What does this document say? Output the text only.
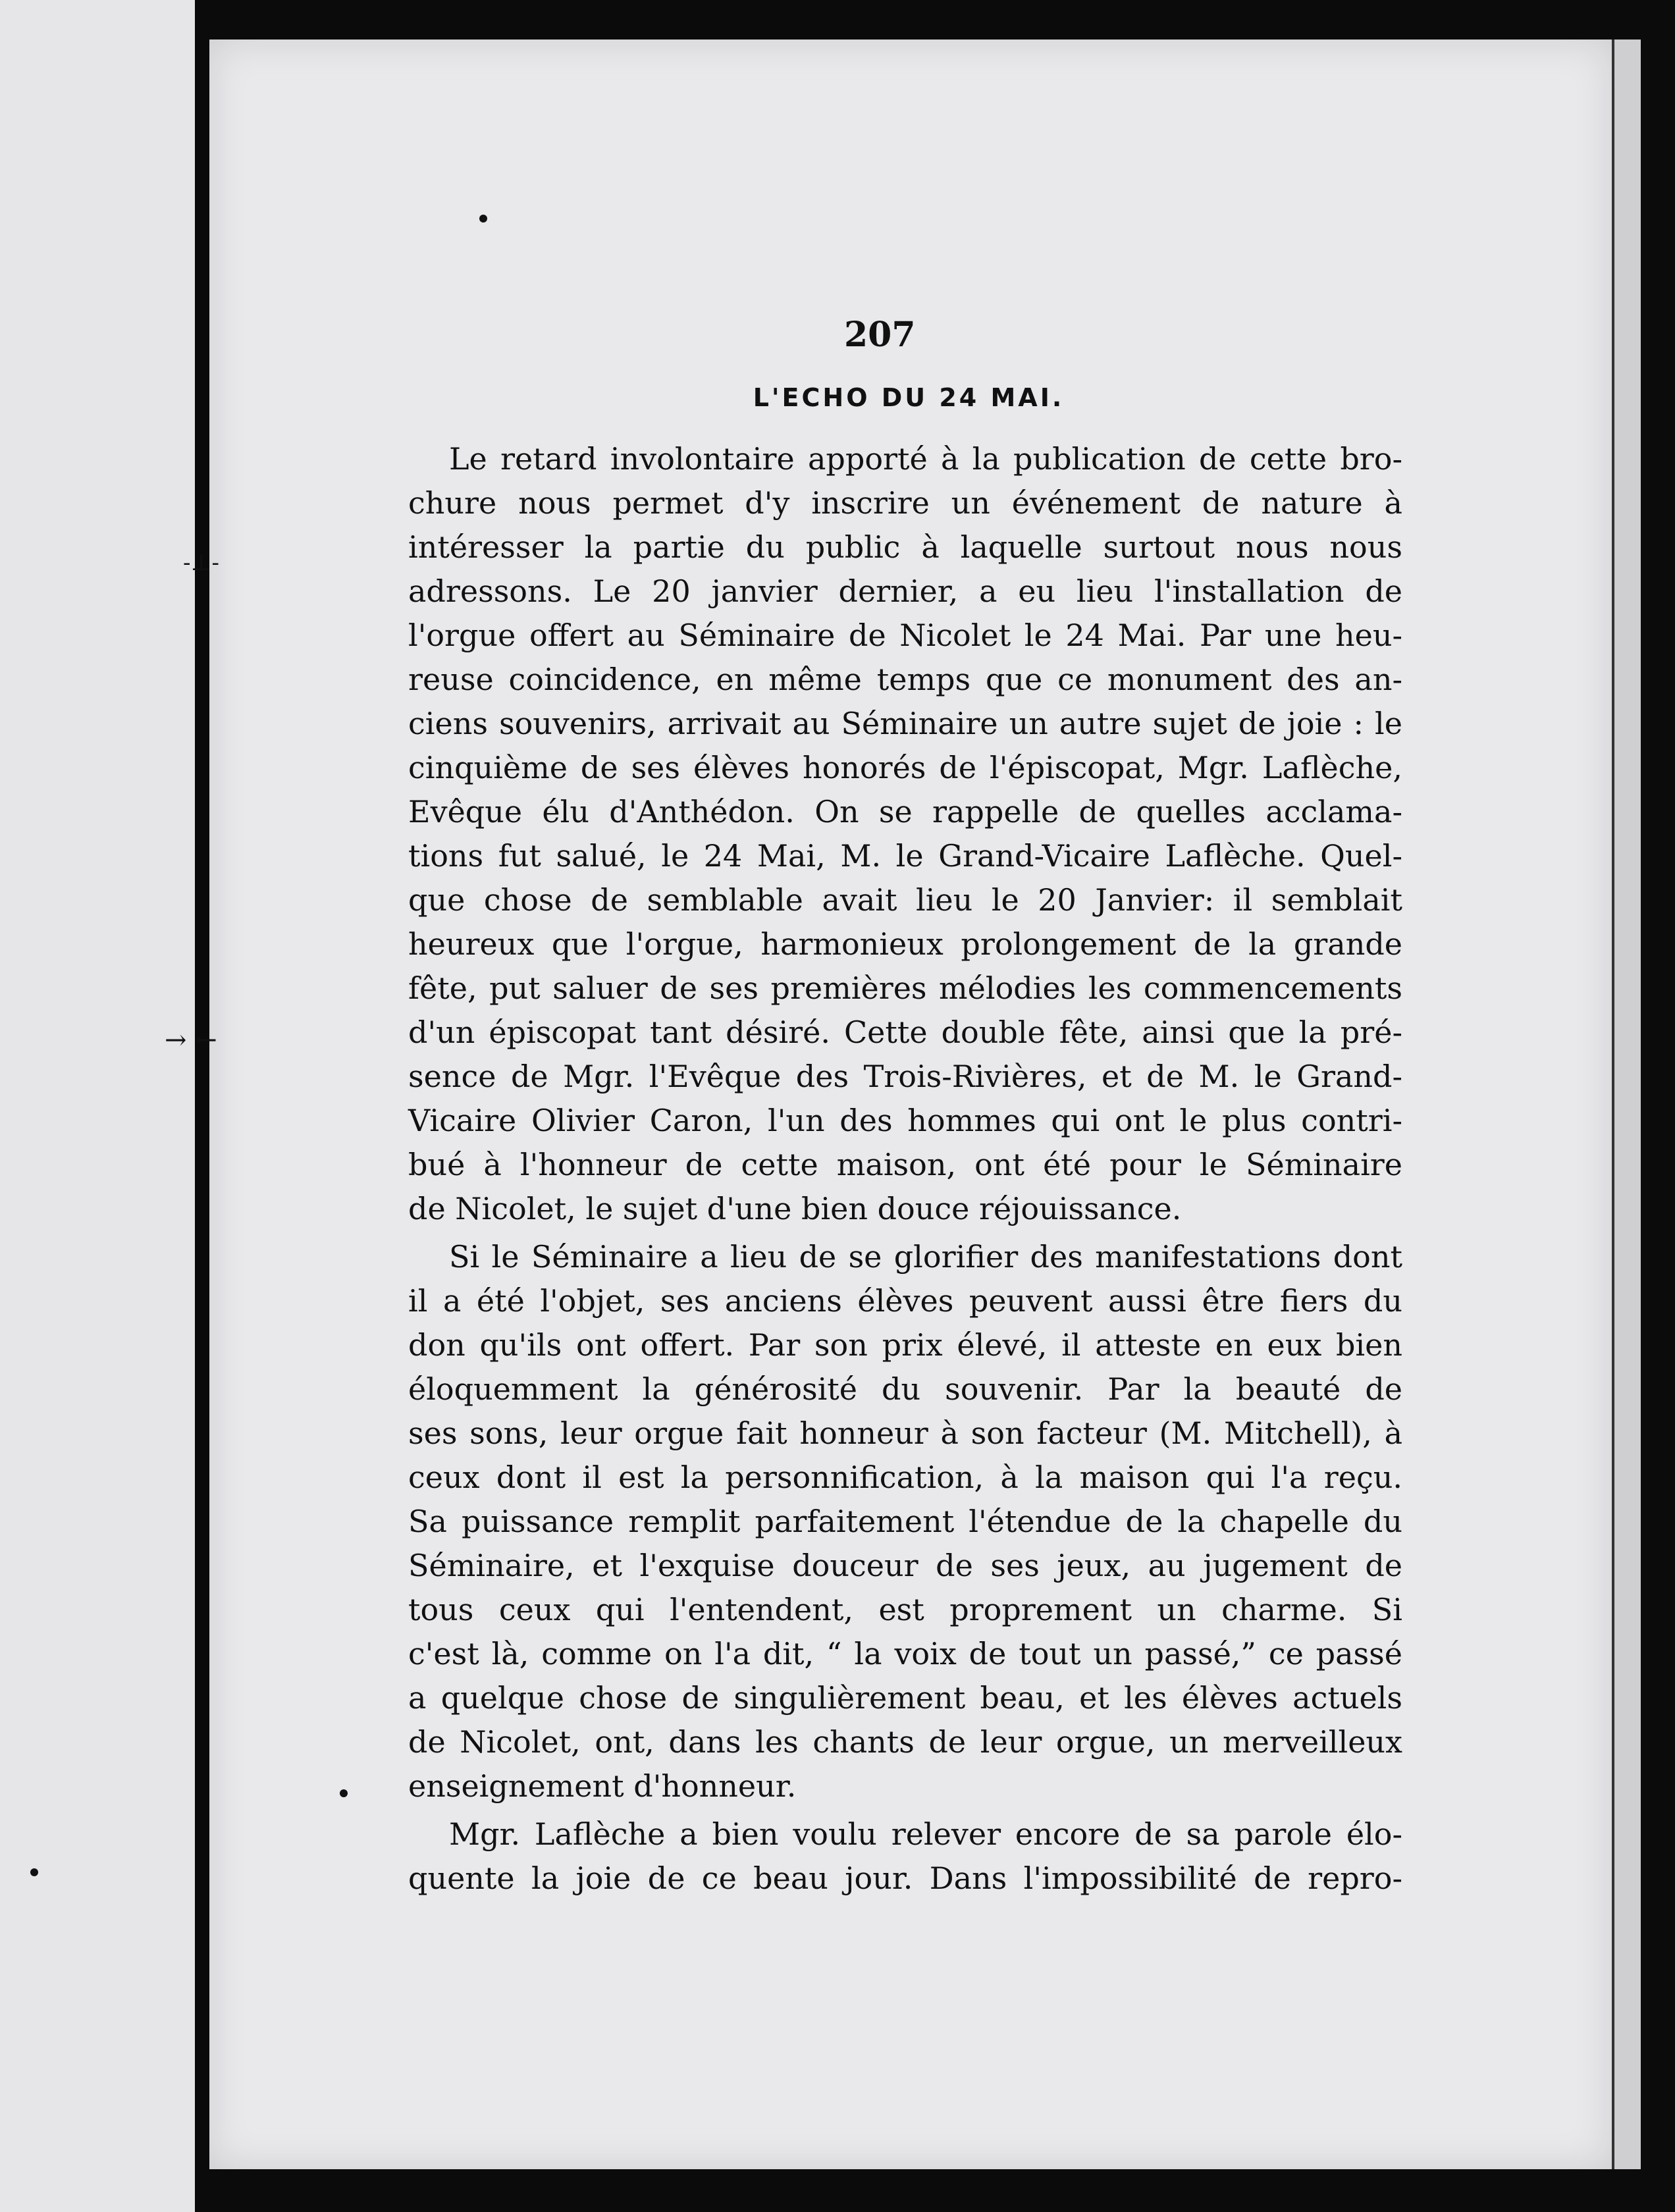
-⊥-
→ ←
207
L'ECHO DU 24 MAI.
Le retard involontaire apporté à la publication de cette bro-
chure nous permet d'y inscrire un événement de nature à
intéresser la partie du public à laquelle surtout nous nous
adressons. Le 20 janvier dernier, a eu lieu l'installation de
l'orgue offert au Séminaire de Nicolet le 24 Mai. Par une heu-
reuse coincidence, en même temps que ce monument des an-
ciens souvenirs, arrivait au Séminaire un autre sujet de joie : le
cinquième de ses élèves honorés de l'épiscopat, Mgr. Laflèche,
Evêque élu d'Anthédon. On se rappelle de quelles acclama-
tions fut salué, le 24 Mai, M. le Grand-Vicaire Laflèche. Quel-
que chose de semblable avait lieu le 20 Janvier: il semblait
heureux que l'orgue, harmonieux prolongement de la grande
fête, put saluer de ses premières mélodies les commencements
d'un épiscopat tant désiré. Cette double fête, ainsi que la pré-
sence de Mgr. l'Evêque des Trois-Rivières, et de M. le Grand-
Vicaire Olivier Caron, l'un des hommes qui ont le plus contri-
bué à l'honneur de cette maison, ont été pour le Séminaire
de Nicolet, le sujet d'une bien douce réjouissance.
Si le Séminaire a lieu de se glorifier des manifestations dont
il a été l'objet, ses anciens élèves peuvent aussi être fiers du
don qu'ils ont offert. Par son prix élevé, il atteste en eux bien
éloquemment la générosité du souvenir. Par la beauté de
ses sons, leur orgue fait honneur à son facteur (M. Mitchell), à
ceux dont il est la personnification, à la maison qui l'a reçu.
Sa puissance remplit parfaitement l'étendue de la chapelle du
Séminaire, et l'exquise douceur de ses jeux, au jugement de
tous ceux qui l'entendent, est proprement un charme. Si
c'est là, comme on l'a dit, “ la voix de tout un passé,” ce passé
a quelque chose de singulièrement beau, et les élèves actuels
de Nicolet, ont, dans les chants de leur orgue, un merveilleux
enseignement d'honneur.
Mgr. Laflèche a bien voulu relever encore de sa parole élo-
quente la joie de ce beau jour. Dans l'impossibilité de repro-
